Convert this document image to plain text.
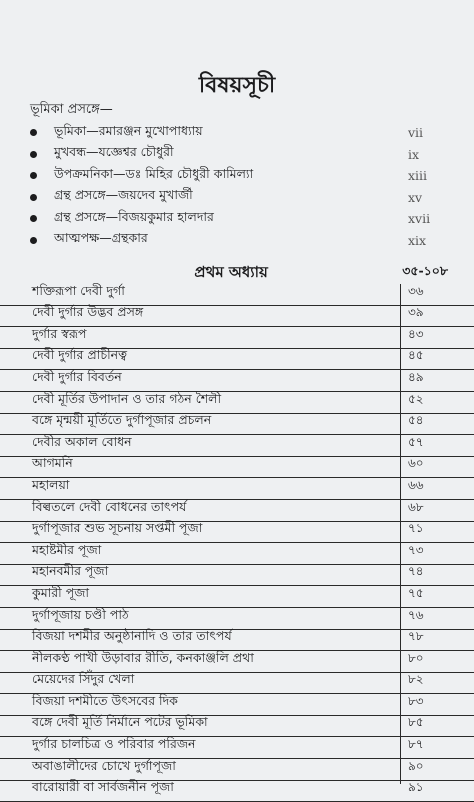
বিষয়সূচী
ভূমিকা প্রসঙ্গে—
ভূমিকা—রমারঞ্জন মুখোপাধ্যায়	vii
মুখবন্ধ—যজ্ঞেশ্বর চৌধুরী	ix
উপক্রমনিকা—ডঃ মিহির চৌধুরী কামিল্যা	xiii
গ্রন্থ প্রসঙ্গে—জয়দেব মুখার্জী	xv
গ্রন্থ প্রসঙ্গে—বিজয়কুমার হালদার	xvii
আত্মপক্ষ—গ্রন্থকার	xix
প্রথম অধ্যায়	৩৫-১০৮
শক্তিরূপা দেবী দুর্গা	৩৬
দেবী দুর্গার উদ্ভব প্রসঙ্গ	৩৯
দুর্গার স্বরূপ	৪৩
দেবী দুর্গার প্রাচীনত্ব	৪৫
দেবী দুর্গার বিবর্তন	৪৯
দেবী মূর্তির উপাদান ও তার গঠন শৈলী	৫২
বঙ্গে মৃন্ময়ী মূর্তিতে দুর্গাপূজার প্রচলন	৫৪
দেবীর অকাল বোধন	৫৭
আগমনি	৬০
মহালয়া	৬৬
বিল্বতলে দেবী বোধনের তাৎপর্য	৬৮
দুর্গাপূজার শুভ সূচনায় সপ্তমী পূজা	৭১
মহাষ্টমীর পূজা	৭৩
মহানবমীর পূজা	৭৪
কুমারী পূজা	৭৫
দুর্গাপূজায় চণ্ডী পাঠ	৭৬
বিজয়া দশমীর অনুষ্ঠানাদি ও তার তাৎপর্য	৭৮
নীলকণ্ঠ পাখী উড়াবার রীতি, কনকাঞ্জলি প্রথা	৮০
মেয়েদের সিঁদুর খেলা	৮২
বিজয়া দশমীতে উৎসবের দিক	৮৩
বঙ্গে দেবী মূর্তি নির্মানে পটের ভূমিকা	৮৫
দুর্গার চালচিত্র ও পরিবার পরিজন	৮৭
অবাঙালীদের চোখে দুর্গাপূজা	৯০
বারোয়ারী বা সার্বজনীন পূজা	৯১
